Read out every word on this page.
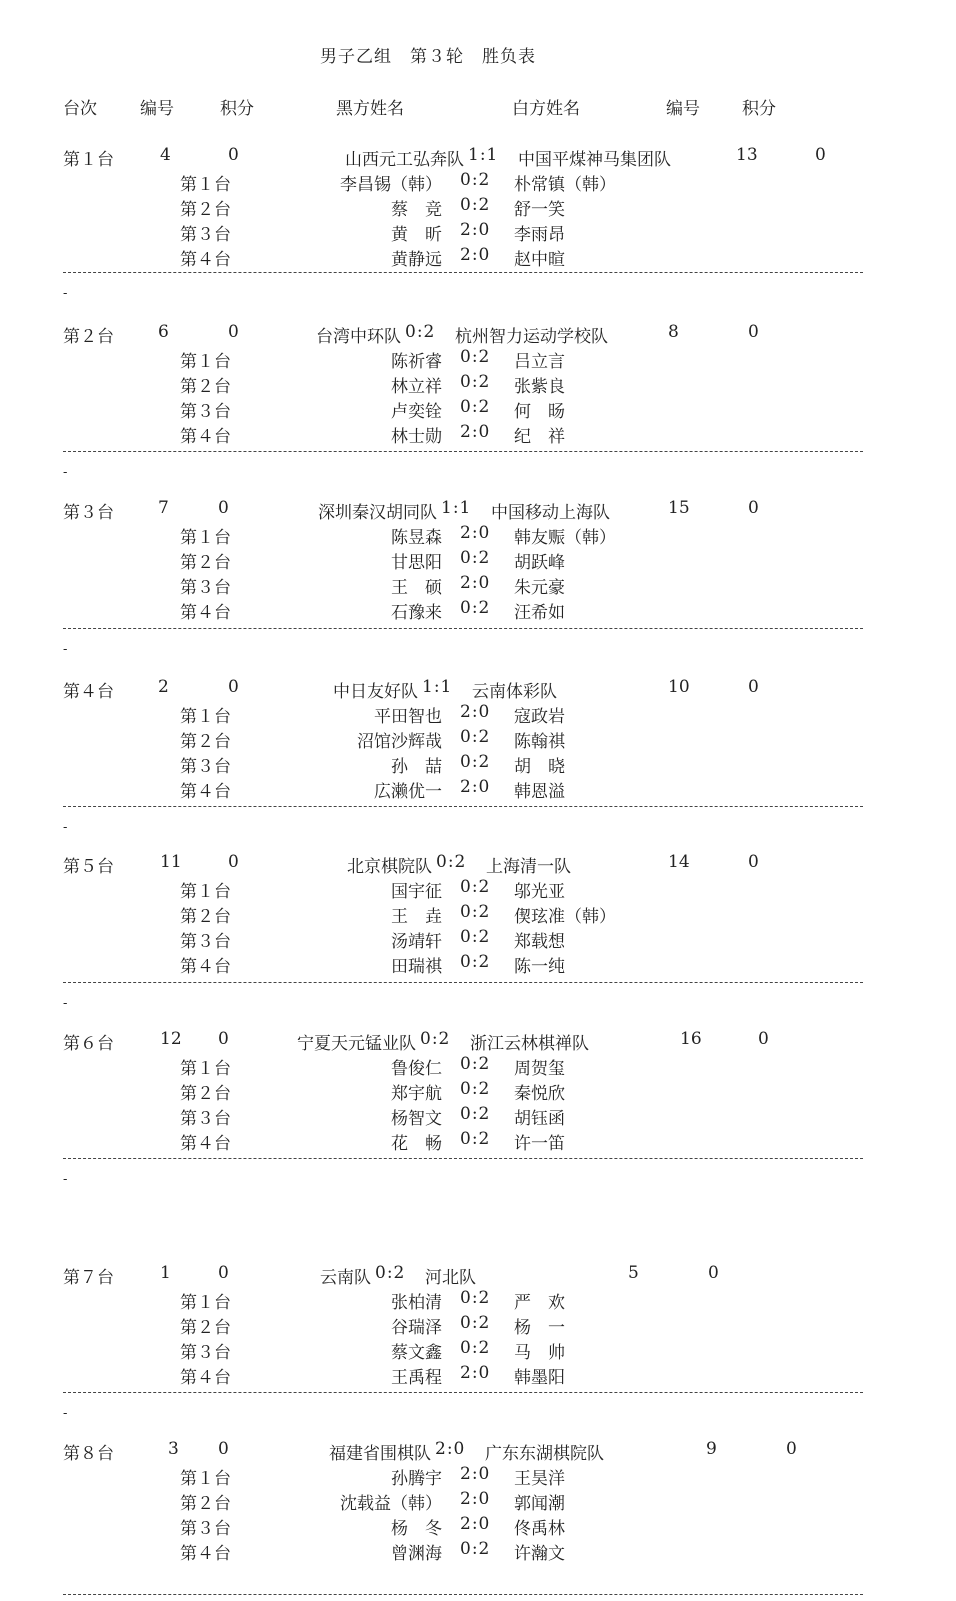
男子乙组　第３轮　胜负表
台次	编号	积分	黑方姓名	白方姓名	编号 积分
第１台	4	0	山西元工弘奔队 1:1 中国平煤神马集团队	13	0
第１台	李昌锡（韩） 0:2 朴常镇（韩）
第２台	蔡　竞 0:2 舒一笑
第３台	黄　昕 2:0 李雨昂
第４台	黄静远 2:0 赵中暄
-
第２台	6	0	台湾中环队 0:2 杭州智力运动学校队	8	0
第１台	陈祈睿 0:2 吕立言
第２台	林立祥 0:2 张紫良
第３台	卢奕铨 0:2 何　旸
第４台	林士勋 2:0 纪　祥
-
第３台	7	0	深圳秦汉胡同队 1:1 中国移动上海队	15	0
第１台	陈昱森 2:0 韩友赈（韩）
第２台	甘思阳 0:2 胡跃峰
第３台	王　硕 2:0 朱元豪
第４台	石豫来 0:2 汪希如
-
第４台	2	0	中日友好队 1:1 云南体彩队	10	0
第１台	平田智也 2:0 寇政岩
第２台	沼馆沙辉哉 0:2 陈翰祺
第３台	孙　喆 0:2 胡　晓
第４台	広濑优一 2:0 韩恩溢
-
第５台	11	0	北京棋院队 0:2 上海清一队	14	0
第１台	国宇征 0:2 邬光亚
第２台	王　垚 0:2 偰玹准（韩）
第３台	汤靖轩 0:2 郑载想
第４台	田瑞祺 0:2 陈一纯
-
第６台	12 0	宁夏天元锰业队 0:2 浙江云林棋禅队	16	0
第１台	鲁俊仁 0:2 周贺玺
第２台	郑宇航 0:2 秦悦欣
第３台	杨智文 0:2 胡钰函
第４台	花　畅 0:2 许一笛
-
第７台	1	0	云南队 0:2 河北队	5	0
第１台	张柏清 0:2 严　欢
第２台	谷瑞泽 0:2 杨　一
第３台	蔡文鑫 0:2 马　帅
第４台	王禹程 2:0 韩墨阳
第８台	3 0	福建省围棋队 2:0 广东东湖棋院队	9	0
第１台	孙腾宇 2:0 王昊洋
第２台	沈载益（韩） 2:0 郭闻潮
第３台	杨　冬 2:0 佟禹林
第４台	曾渊海 0:2 许瀚文
-
